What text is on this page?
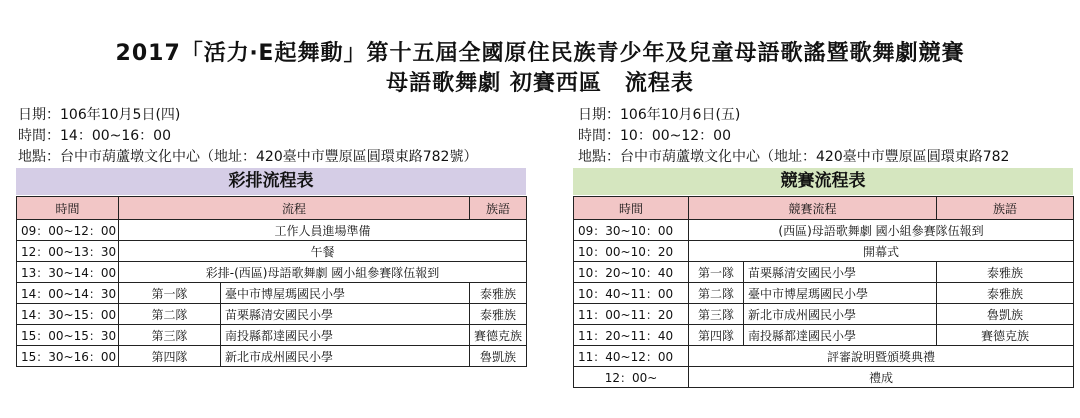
2017「活力‧E起舞動」第十五屆全國原住民族青少年及兒童母語歌謠暨歌舞劇競賽
母語歌舞劇 初賽西區　流程表
日期：106年10月5日(四)
時間：14：00~16：00
地點：台中市葫蘆墩文化中心（地址：420臺中市豐原區圓環東路782號）
日期：106年10月6日(五)
時間：10：00~12：00
地點：台中市葫蘆墩文化中心（地址：420臺中市豐原區圓環東路782
彩排流程表	競賽流程表
時間	流程		族語
09：00~12：00	工作人員進場準備		
12：00~13：30	午餐		
13：30~14：00	彩排-(西區)母語歌舞劇 國小組參賽隊伍報到		
14：00~14：30	第一隊	臺中市博屋瑪國民小學	泰雅族
14：30~15：00	第二隊	苗栗縣清安國民小學	泰雅族
15：00~15：30	第三隊	南投縣都達國民小學	賽德克族
15：30~16：00	第四隊	新北市成州國民小學	魯凱族
時間	競賽流程		族語
09：30~10：00	(西區)母語歌舞劇 國小組參賽隊伍報到		
10：00~10：20	開幕式		
10：20~10：40	第一隊	苗栗縣清安國民小學	泰雅族
10：40~11：00	第二隊	臺中市博屋瑪國民小學	泰雅族
11：00~11：20	第三隊	新北市成州國民小學	魯凱族
11：20~11：40	第四隊	南投縣都達國民小學	賽德克族
11：40~12：00	評審說明暨頒獎典禮		
12：00~	禮成		
